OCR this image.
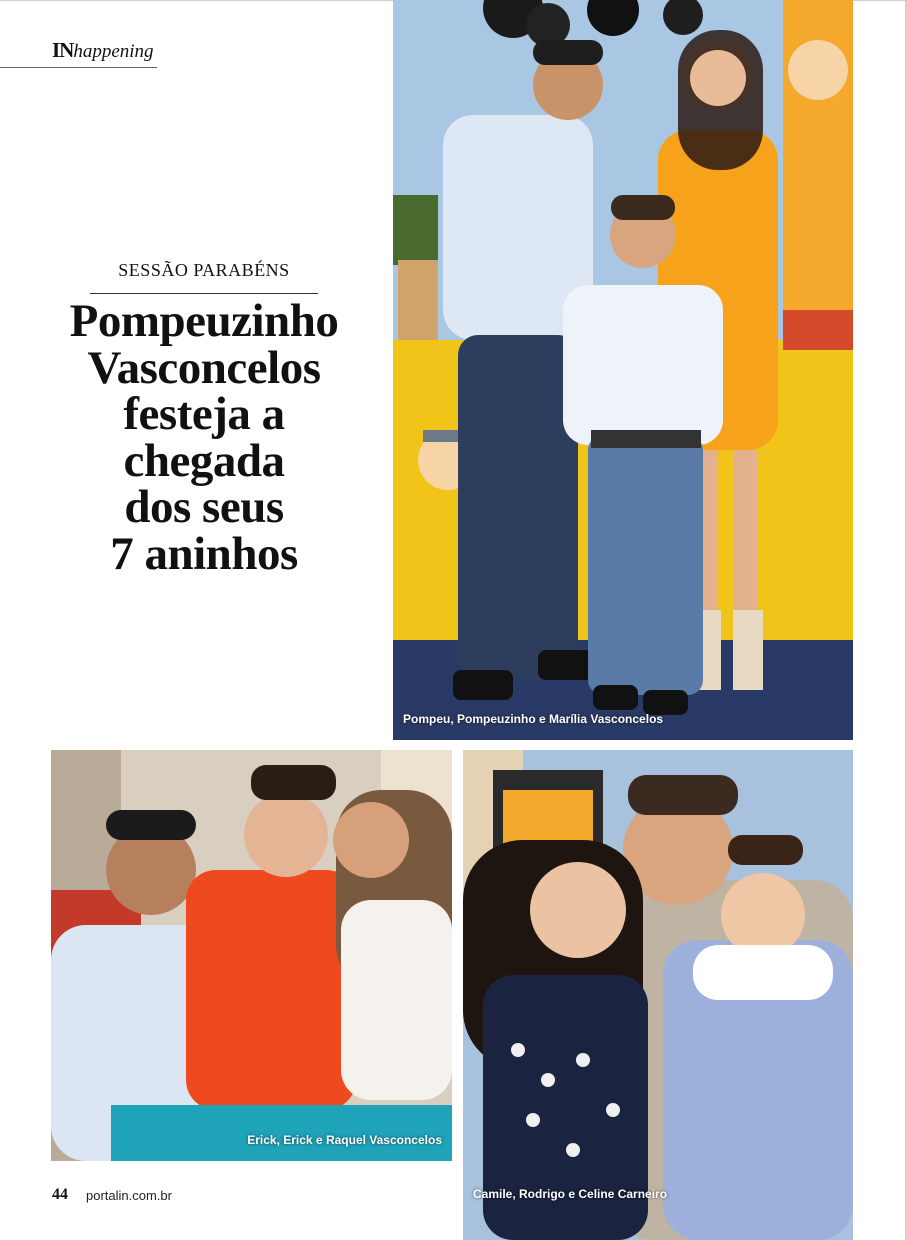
INhappening
SESSÃO PARABÉNS
Pompeuzinho
Vasconcelos
festeja a
chegada
dos seus
7 aninhos
Pompeu, Pompeuzinho e Marília Vasconcelos
Erick, Erick e Raquel Vasconcelos
Camile, Rodrigo e Celine Carneiro
44 portalin.com.br
